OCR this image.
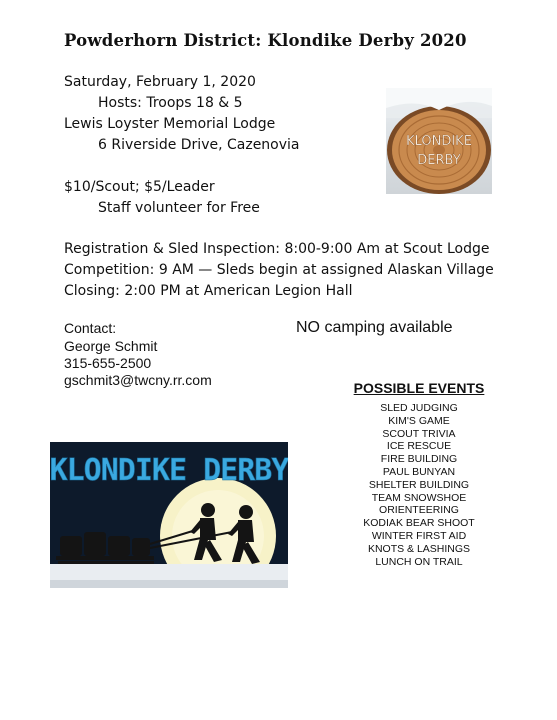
Powderhorn District: Klondike Derby 2020
Saturday, February 1, 2020
Hosts: Troops 18 & 5
Lewis Loyster Memorial Lodge
6 Riverside Drive, Cazenovia
$10/Scout; $5/Leader
Staff volunteer for Free
Registration & Sled Inspection: 8:00-9:00 Am at Scout Lodge
Competition: 9 AM — Sleds begin at assigned Alaskan Village
Closing: 2:00 PM at American Legion Hall
Contact:
George Schmit
315-655-2500
gschmit3@twcny.rr.com
NO camping available
POSSIBLE EVENTS
SLED JUDGING
KIM'S GAME
SCOUT TRIVIA
ICE RESCUE
FIRE BUILDING
PAUL BUNYAN
SHELTER BUILDING
TEAM SNOWSHOE
ORIENTEERING
KODIAK BEAR SHOOT
WINTER FIRST AID
KNOTS & LASHINGS
LUNCH ON TRAIL
KLONDIKE
DERBY
KLONDIKE DERBY
